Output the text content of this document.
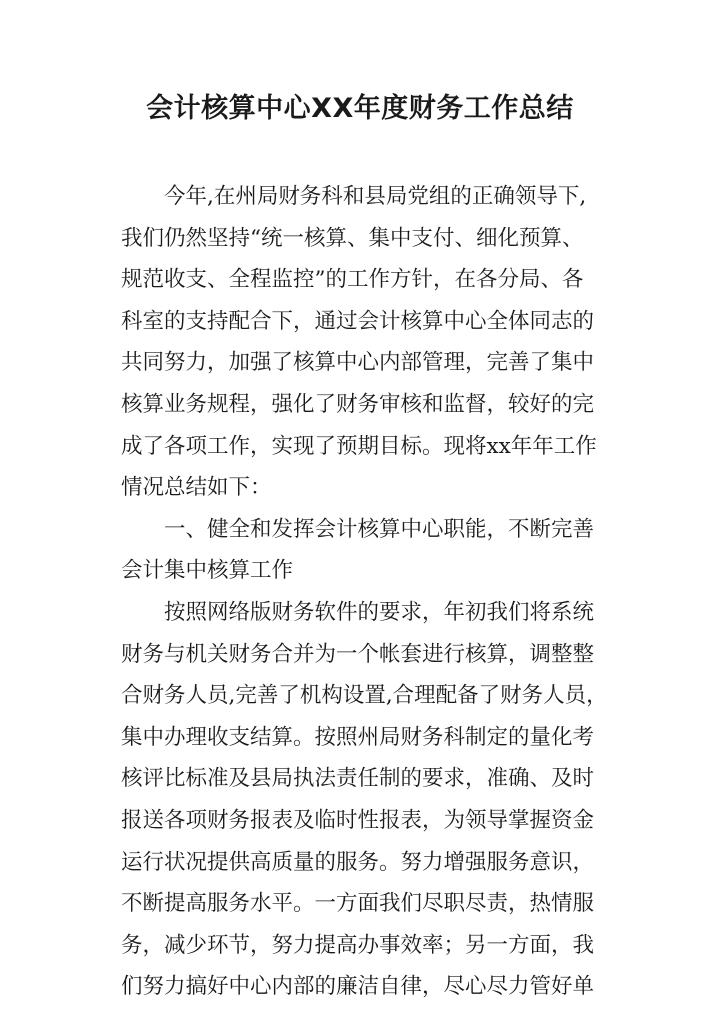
会计核算中心XX年度财务工作总结
今年,在州局财务科和县局党组的正确领导下,
我们仍然坚持“统一核算、集中支付、细化预算、
规范收支、全程监控”的工作方针，在各分局、各
科室的支持配合下，通过会计核算中心全体同志的
共同努力，加强了核算中心内部管理，完善了集中
核算业务规程，强化了财务审核和监督，较好的完
成了各项工作，实现了预期目标。现将xx年年工作
情况总结如下：
一、健全和发挥会计核算中心职能，不断完善
会计集中核算工作
按照网络版财务软件的要求，年初我们将系统
财务与机关财务合并为一个帐套进行核算，调整整
合财务人员,完善了机构设置,合理配备了财务人员，
集中办理收支结算。按照州局财务科制定的量化考
核评比标准及县局执法责任制的要求，准确、及时
报送各项财务报表及临时性报表，为领导掌握资金
运行状况提供高质量的服务。努力增强服务意识，
不断提高服务水平。一方面我们尽职尽责，热情服
务，减少环节，努力提高办事效率；另一方面，我
们努力搞好中心内部的廉洁自律，尽心尽力管好单
